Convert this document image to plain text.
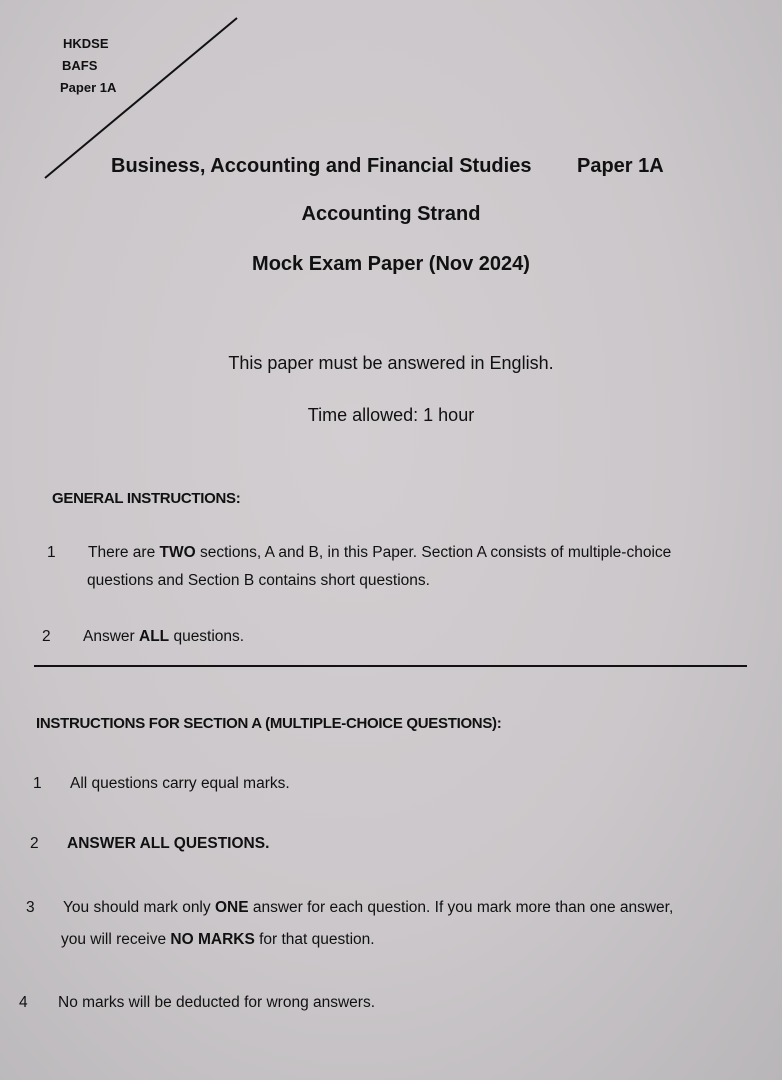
HKDSE
BAFS
Paper 1A
Business, Accounting and Financial Studies Paper 1A
Accounting Strand
Mock Exam Paper (Nov 2024)
This paper must be answered in English.
Time allowed: 1 hour
GENERAL INSTRUCTIONS:
1 There are TWO sections, A and B, in this Paper. Section A consists of multiple-choice
questions and Section B contains short questions.
2 Answer ALL questions.
INSTRUCTIONS FOR SECTION A (MULTIPLE-CHOICE QUESTIONS):
1 All questions carry equal marks.
2 ANSWER ALL QUESTIONS.
3 You should mark only ONE answer for each question. If you mark more than one answer,
you will receive NO MARKS for that question.
4 No marks will be deducted for wrong answers.
